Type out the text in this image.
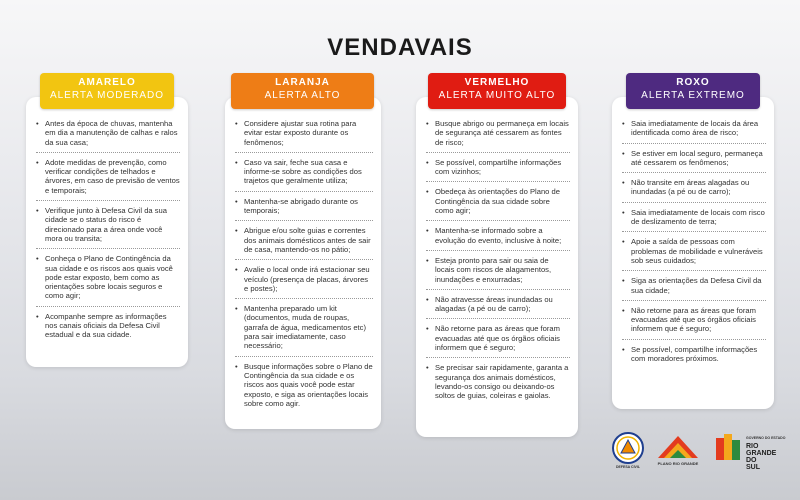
VENDAVAIS
• Antes da época de chuvas, mantenha em dia a manutenção de calhas e ralos da sua casa;
• Adote medidas de prevenção, como verificar condições de telhados e árvores, em caso de previsão de ventos e temporais;
• Verifique junto à Defesa Civil da sua cidade se o status do risco é direcionado para a área onde você mora ou transita;
• Conheça o Plano de Contingência da sua cidade e os riscos aos quais você pode estar exposto, bem como as orientações sobre locais seguros e como agir;
• Acompanhe sempre as informações nos canais oficiais da Defesa Civil estadual e da sua cidade.
AMARELO
ALERTA MODERADO
• Considere ajustar sua rotina para evitar estar exposto durante os fenômenos;
• Caso va sair, feche sua casa e informe-se sobre as condições dos trajetos que geralmente utiliza;
• Mantenha-se abrigado durante os temporais;
• Abrigue e/ou solte guias e correntes dos animais domésticos antes de sair de casa, mantendo-os no pátio;
• Avalie o local onde irá estacionar seu veículo (presença de placas, árvores e postes);
• Mantenha preparado um kit (documentos, muda de roupas, garrafa de água, medicamentos etc) para sair imediatamente, caso necessário;
• Busque informações sobre o Plano de Contingência da sua cidade e os riscos aos quais você pode estar exposto, e siga as orientações locais sobre como agir.
LARANJA
ALERTA ALTO
• Busque abrigo ou permaneça em locais de segurança até cessarem as fontes de risco;
• Se possível, compartilhe informações com vizinhos;
• Obedeça às orientações do Plano de Contingência da sua cidade sobre como agir;
• Mantenha-se informado sobre a evolução do evento, inclusive à noite;
• Esteja pronto para sair ou saia de locais com riscos de alagamentos, inundações e enxurradas;
• Não atravesse áreas inundadas ou alagadas (a pé ou de carro);
• Não retorne para as áreas que foram evacuadas até que os órgãos oficiais informem que é seguro;
• Se precisar sair rapidamente, garanta a segurança dos animais domésticos, levando-os consigo ou deixando-os soltos de guias, coleiras e gaiolas.
VERMELHO
ALERTA MUITO ALTO
• Saia imediatamente de locais da área identificada como área de risco;
• Se estiver em local seguro, permaneça até cessarem os fenômenos;
• Não transite em áreas alagadas ou inundadas (a pé ou de carro);
• Saia imediatamente de locais com risco de deslizamento de terra;
• Apoie a saída de pessoas com problemas de mobilidade e vulneráveis sob seus cuidados;
• Siga as orientações da Defesa Civil da sua cidade;
• Não retorne para as áreas que foram evacuadas até que os órgãos oficiais informem que é seguro;
• Se possível, compartilhe informações com moradores próximos.
ROXO
ALERTA EXTREMO
DEFESA CIVIL
PLANO RIO GRANDE
GOVERNO DO ESTADO
RIO GRANDE DO SUL
